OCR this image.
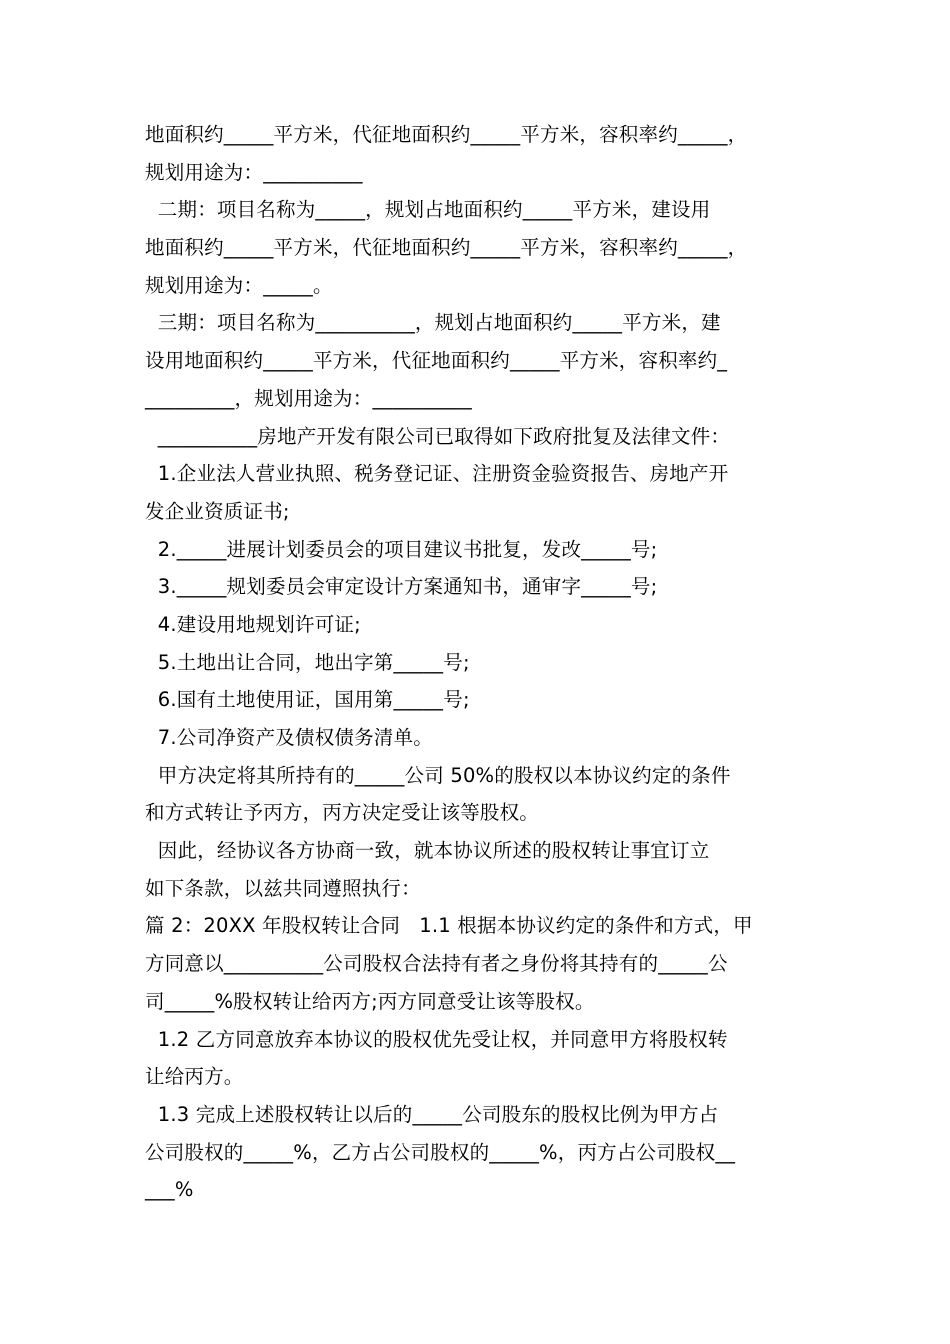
地面积约_____平方米，代征地面积约_____平方米，容积率约_____，
规划用途为：__________
二期：项目名称为_____，规划占地面积约_____平方米，建设用
地面积约_____平方米，代征地面积约_____平方米，容积率约_____，
规划用途为：_____。
三期：项目名称为__________，规划占地面积约_____平方米，建
设用地面积约_____平方米，代征地面积约_____平方米，容积率约_
_________，规划用途为：__________
__________房地产开发有限公司已取得如下政府批复及法律文件：
1.企业法人营业执照、税务登记证、注册资金验资报告、房地产开
发企业资质证书;
2._____进展计划委员会的项目建议书批复，发改_____号;
3._____规划委员会审定设计方案通知书，通审字_____号;
4.建设用地规划许可证;
5.土地出让合同，地出字第_____号;
6.国有土地使用证，国用第_____号;
7.公司净资产及债权债务清单。
甲方决定将其所持有的_____公司 50%的股权以本协议约定的条件
和方式转让予丙方，丙方决定受让该等股权。
因此，经协议各方协商一致，就本协议所述的股权转让事宜订立
如下条款，以兹共同遵照执行：
篇 2：20XX 年股权转让合同   1.1 根据本协议约定的条件和方式，甲
方同意以__________公司股权合法持有者之身份将其持有的_____公
司_____%股权转让给丙方;丙方同意受让该等股权。
1.2 乙方同意放弃本协议的股权优先受让权，并同意甲方将股权转
让给丙方。
1.3 完成上述股权转让以后的_____公司股东的股权比例为甲方占
公司股权的_____%，乙方占公司股权的_____%，丙方占公司股权__
___%
